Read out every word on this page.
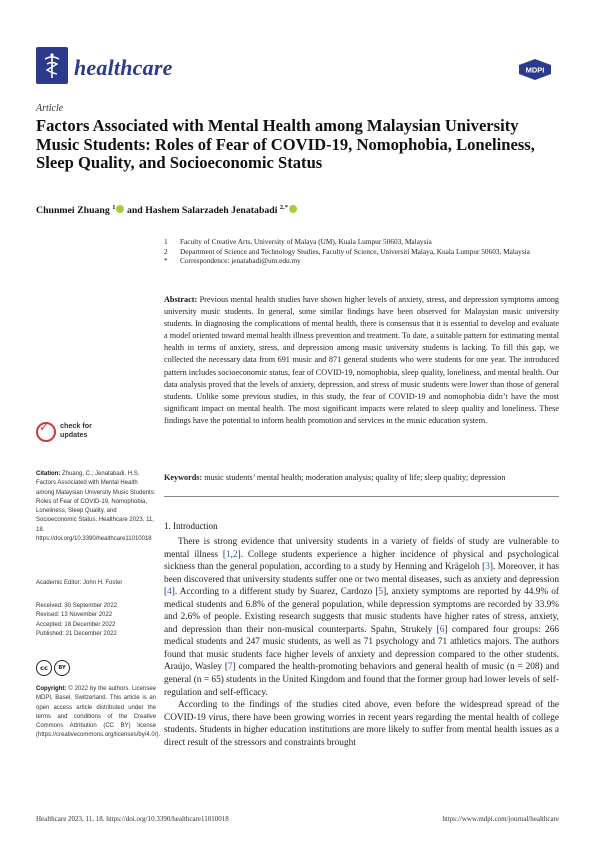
healthcare	MDPI
Article
Factors Associated with Mental Health among Malaysian University Music Students: Roles of Fear of COVID-19, Nomophobia, Loneliness, Sleep Quality, and Socioeconomic Status
Chunmei Zhuang $^1$ and Hashem Salarzadeh Jenatabadi $^{2,*}$
1	Faculty of Creative Arts, University of Malaya (UM), Kuala Lumpur 50603, Malaysia
2	Department of Science and Technology Studies, Faculty of Science, Universiti Malaya, Kuala Lumpur 50603, Malaysia
*	Correspondence: jenatabadi@um.edu.my
Abstract: Previous mental health studies have shown higher levels of anxiety, stress, and depression symptoms among university music students. In general, some similar findings have been observed for Malaysian music university students. In diagnosing the complications of mental health, there is consensus that it is essential to develop and evaluate a model oriented toward mental health illness prevention and treatment. To date, a suitable pattern for estimating mental health in terms of anxiety, stress, and depression among music university students is lacking. To fill this gap, we collected the necessary data from 691 music and 871 general students who were students for one year. The introduced pattern includes socioeconomic status, fear of COVID-19, nomophobia, sleep quality, loneliness, and mental health. Our data analysis proved that the levels of anxiety, depression, and stress of music students were lower than those of general students. Unlike some previous studies, in this study, the fear of COVID-19 and nomophobia didn’t have the most significant impact on mental health. The most significant impacts were related to sleep quality and loneliness. These findings have the potential to inform health promotion and services in the music education system.
Keywords: music students’ mental health; moderation analysis; quality of life; sleep quality; depression
✓ check for
updates
Citation: Zhuang, C.; Jenatabadi, H.S. Factors Associated with Mental Health among Malaysian University Music Students: Roles of Fear of COVID-19, Nomophobia, Loneliness, Sleep Quality, and Socioeconomic Status. Healthcare 2023, 11, 18. https://doi.org/10.3390/healthcare11010018
Academic Editor: John H. Foster
Received: 30 September 2022
Revised: 13 November 2022
Accepted: 18 December 2022
Published: 21 December 2022
cc	BY
Copyright: © 2022 by the authors. Licensee MDPI, Basel, Switzerland. This article is an open access article distributed under the terms and conditions of the Creative Commons Attribution (CC BY) license (https://creativecommons.org/licenses/by/4.0/).
1. Introduction

There is strong evidence that university students in a variety of fields of study are vulnerable to mental illness [1,2]. College students experience a higher incidence of physical and psychological sickness than the general population, according to a study by Henning and Krägeloh [3]. Moreover, it has been discovered that university students suffer one or two mental diseases, such as anxiety and depression [4]. According to a different study by Suarez, Cardozo [5], anxiety symptoms are reported by 44.9% of medical students and 6.8% of the general population, while depression symptoms are recorded by 33.9% and 2.6% of people. Existing research suggests that music students have higher rates of stress, anxiety, and depression than their non-musical counterparts. Spahn, Strukely [6] compared four groups: 266 medical students and 247 music students, as well as 71 psychology and 71 athletics majors. The authors found that music students face higher levels of anxiety and depression compared to the other students. Araújo, Wasley [7] compared the health-promoting behaviors and general health of music (n = 208) and general (n = 65) students in the United Kingdom and found that the former group had lower levels of self-regulation and self-efficacy.

According to the findings of the studies cited above, even before the widespread spread of the COVID-19 virus, there have been growing worries in recent years regarding the mental health of college students. Students in higher education institutions are more likely to suffer from mental health issues as a direct result of the stressors and constraints brought

Healthcare 2023, 11, 18. https://doi.org/10.3390/healthcare11010018	https://www.mdpi.com/journal/healthcare
